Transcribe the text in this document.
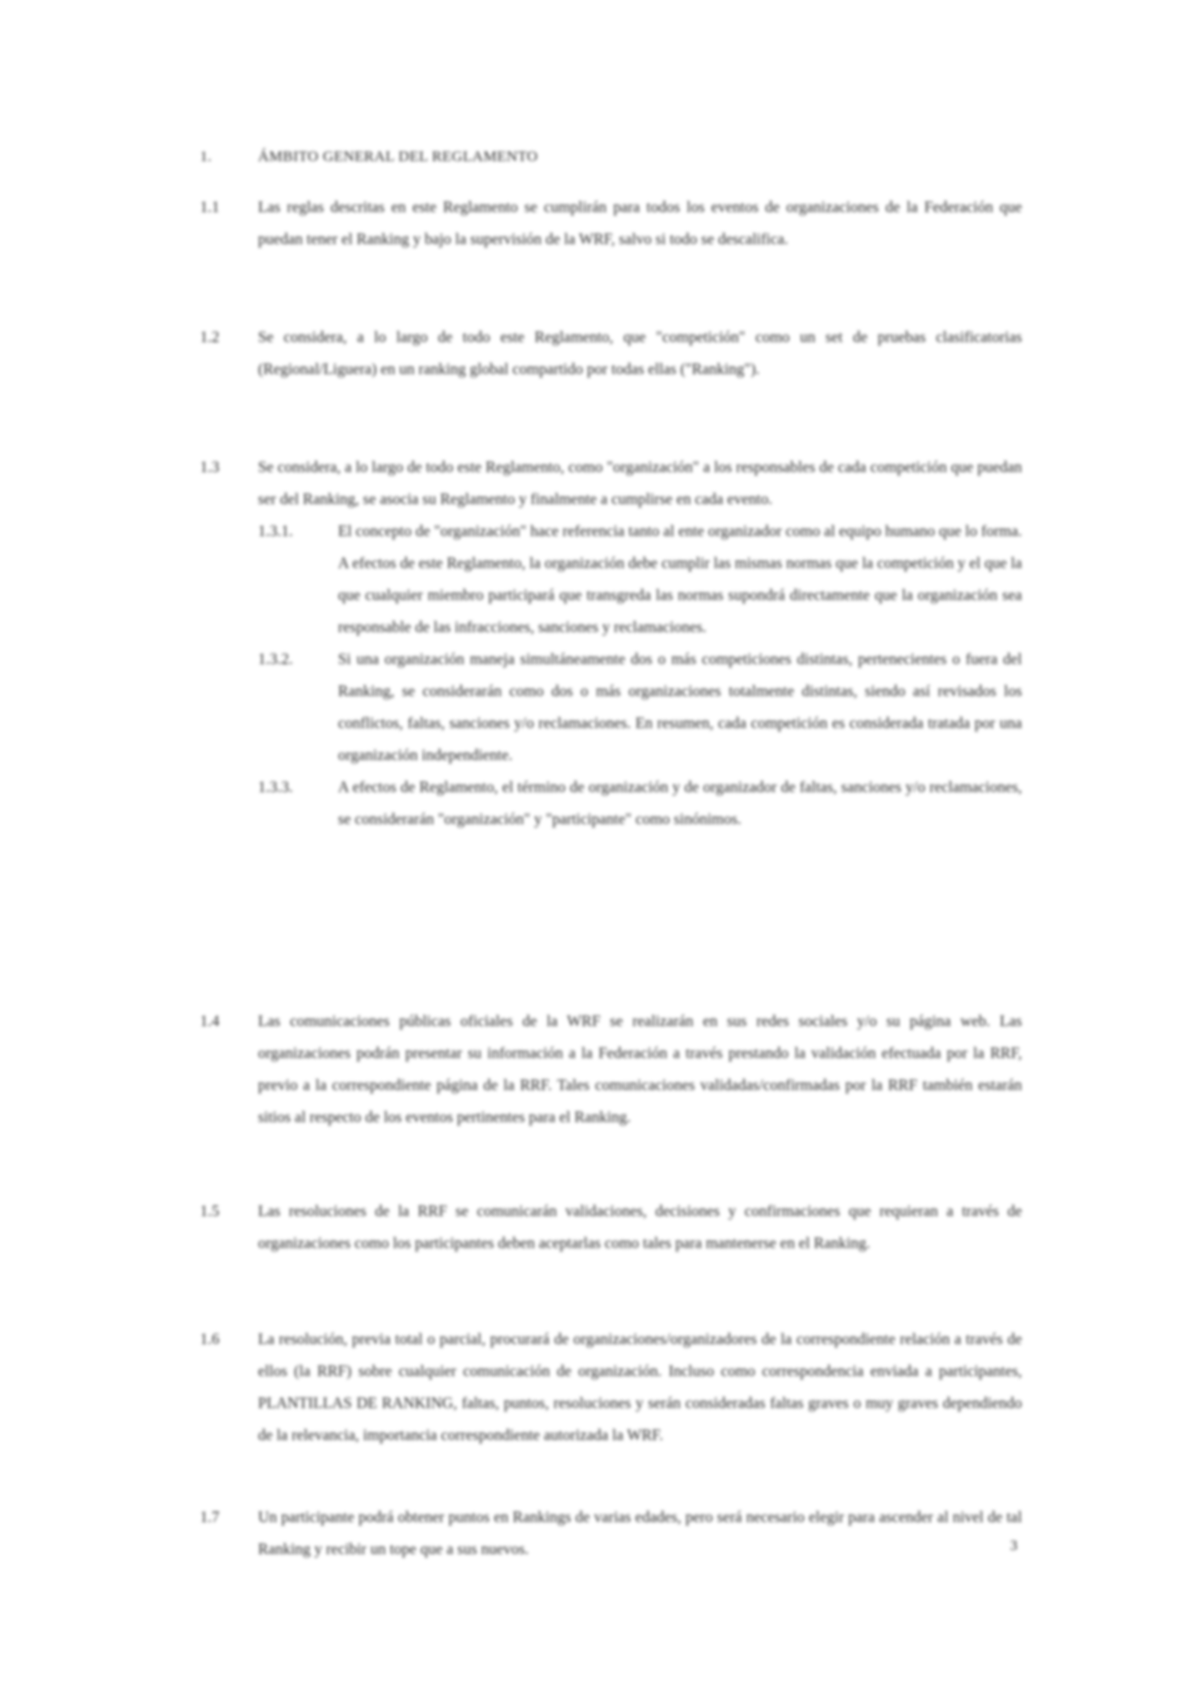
1.	ÁMBITO GENERAL DEL REGLAMENTO
1.1	Las reglas descritas en este Reglamento se cumplirán para todos los eventos de organizaciones de la Federación que puedan tener el Ranking y bajo la supervisión de la WRF, salvo si todo se descalifica.
1.2	Se considera, a lo largo de todo este Reglamento, que "competición" como un set de pruebas clasificatorias (Regional/Liguera) en un ranking global compartido por todas ellas ("Ranking").
1.3	Se considera, a lo largo de todo este Reglamento, como "organización" a los responsables de cada competición que puedan ser del Ranking, se asocia su Reglamento y finalmente a cumplirse en cada evento.
1.3.1.	El concepto de "organización" hace referencia tanto al ente organizador como al equipo humano que lo forma. A efectos de este Reglamento, la organización debe cumplir las mismas normas que la competición y el que la que cualquier miembro participará que transgreda las normas supondrá directamente que la organización sea responsable de las infracciones, sanciones y reclamaciones.
1.3.2.	Si una organización maneja simultáneamente dos o más competiciones distintas, pertenecientes o fuera del Ranking, se considerarán como dos o más organizaciones totalmente distintas, siendo así revisados los conflictos, faltas, sanciones y/o reclamaciones. En resumen, cada competición es considerada tratada por una organización independiente.
1.3.3.	A efectos de Reglamento, el término de organización y de organizador de faltas, sanciones y/o reclamaciones, se considerarán "organización" y "participante" como sinónimos.
1.4	Las comunicaciones públicas oficiales de la WRF se realizarán en sus redes sociales y/o su página web. Las organizaciones podrán presentar su información a la Federación a través prestando la validación efectuada por la RRF, previo a la correspondiente página de la RRF. Tales comunicaciones validadas/confirmadas por la RRF también estarán sitios al respecto de los eventos pertinentes para el Ranking.
1.5	Las resoluciones de la RRF se comunicarán validaciones, decisiones y confirmaciones que requieran a través de organizaciones como los participantes deben aceptarlas como tales para mantenerse en el Ranking.
1.6	La resolución, previa total o parcial, procurará de organizaciones/organizadores de la correspondiente relación a través de ellos (la RRF) sobre cualquier comunicación de organización. Incluso como correspondencia enviada a participantes, PLANTILLAS DE RANKING, faltas, puntos, resoluciones y serán consideradas faltas graves o muy graves dependiendo de la relevancia, importancia correspondiente autorizada la WRF.
1.7	Un participante podrá obtener puntos en Rankings de varias edades, pero será necesario elegir para ascender al nivel de tal Ranking y recibir un tope que a sus nuevos.	3
